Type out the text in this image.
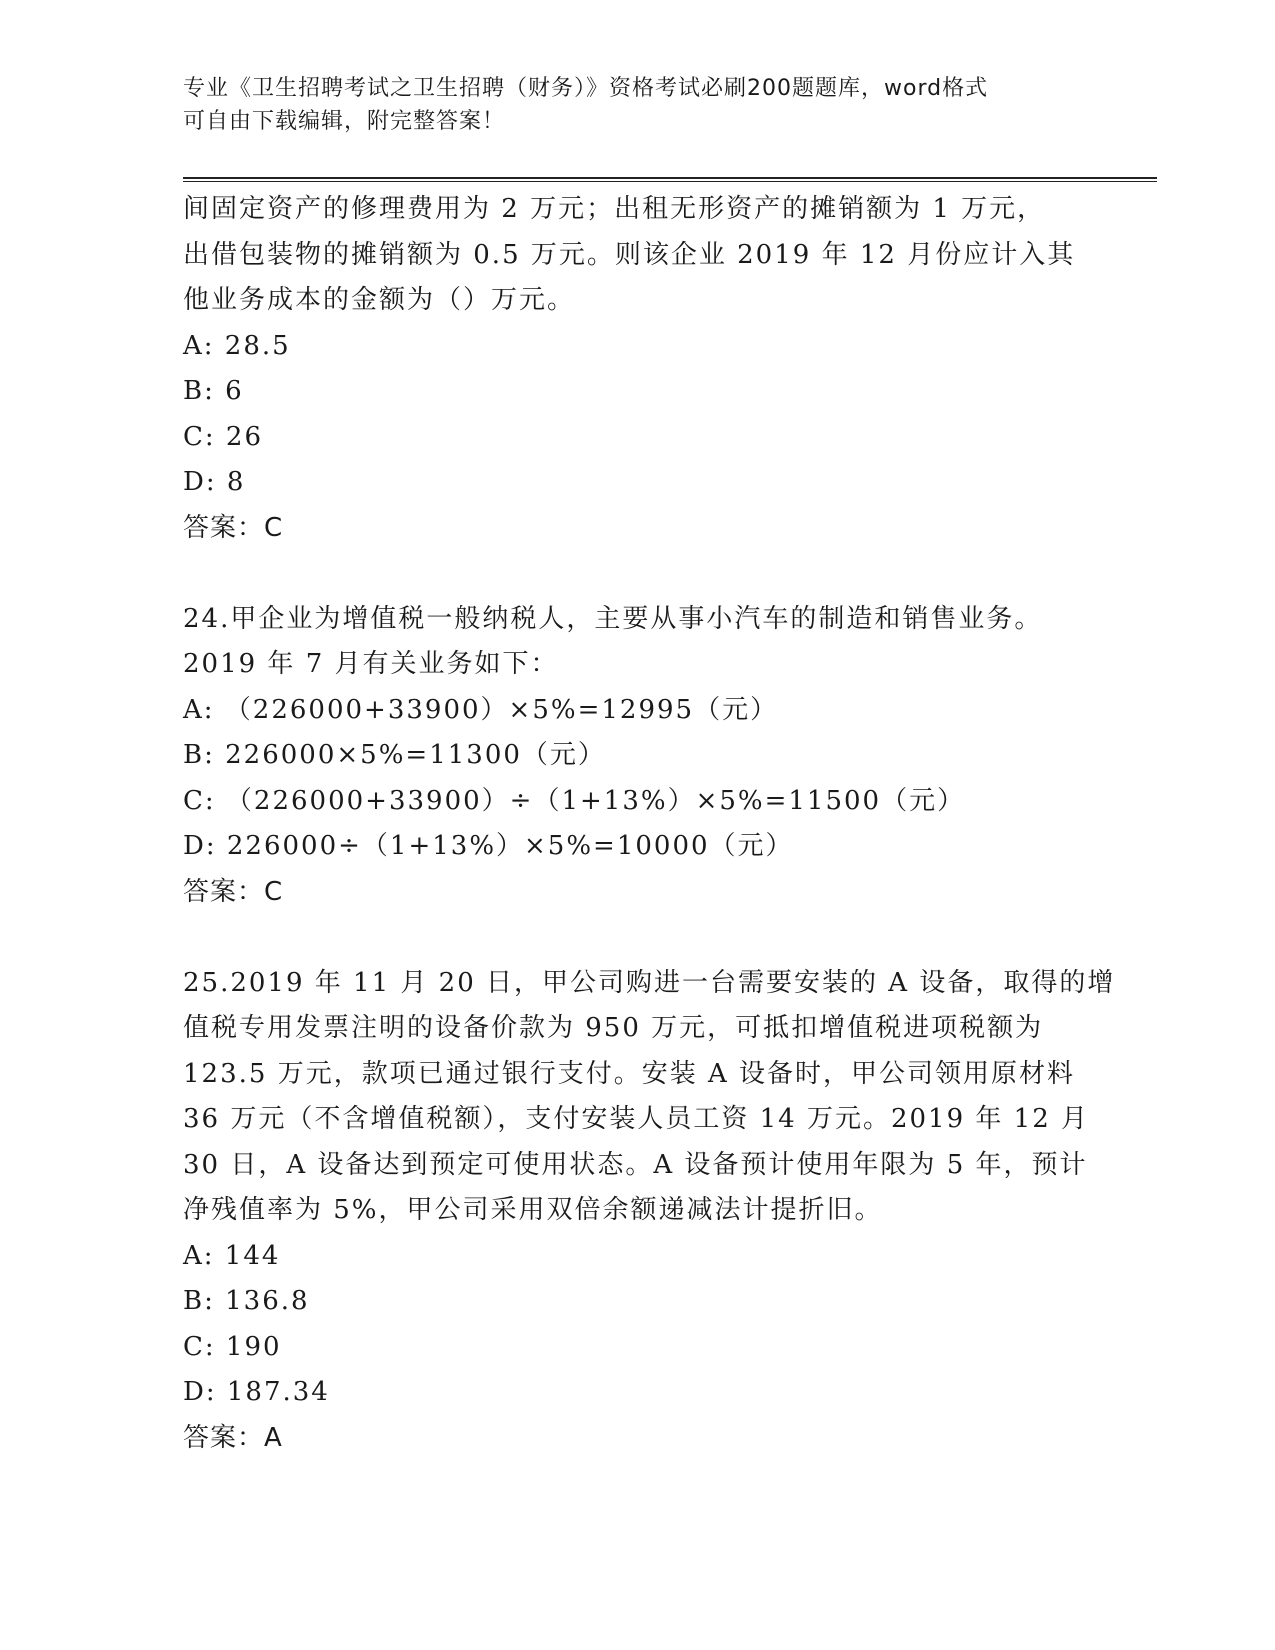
专业《卫生招聘考试之卫生招聘（财务）》资格考试必刷200题题库，word格式
可自由下载编辑，附完整答案！
间固定资产的修理费用为 2 万元；出租无形资产的摊销额为 1 万元，
出借包装物的摊销额为 0.5 万元。则该企业 2019 年 12 月份应计入其
他业务成本的金额为（）万元。
A: 28.5
B: 6
C: 26
D: 8
答案：C
24.甲企业为增值税一般纳税人，主要从事小汽车的制造和销售业务。
2019 年 7 月有关业务如下：
A: （226000+33900）×5%=12995（元）
B: 226000×5%=11300（元）
C: （226000+33900）÷（1+13%）×5%=11500（元）
D: 226000÷（1+13%）×5%=10000（元）
答案：C
25.2019 年 11 月 20 日，甲公司购进一台需要安装的 A 设备，取得的增
值税专用发票注明的设备价款为 950 万元，可抵扣增值税进项税额为
123.5 万元，款项已通过银行支付。安装 A 设备时，甲公司领用原材料
36 万元（不含增值税额），支付安装人员工资 14 万元。2019 年 12 月
30 日，A 设备达到预定可使用状态。A 设备预计使用年限为 5 年，预计
净残值率为 5%，甲公司采用双倍余额递减法计提折旧。
A: 144
B: 136.8
C: 190
D: 187.34
答案：A
